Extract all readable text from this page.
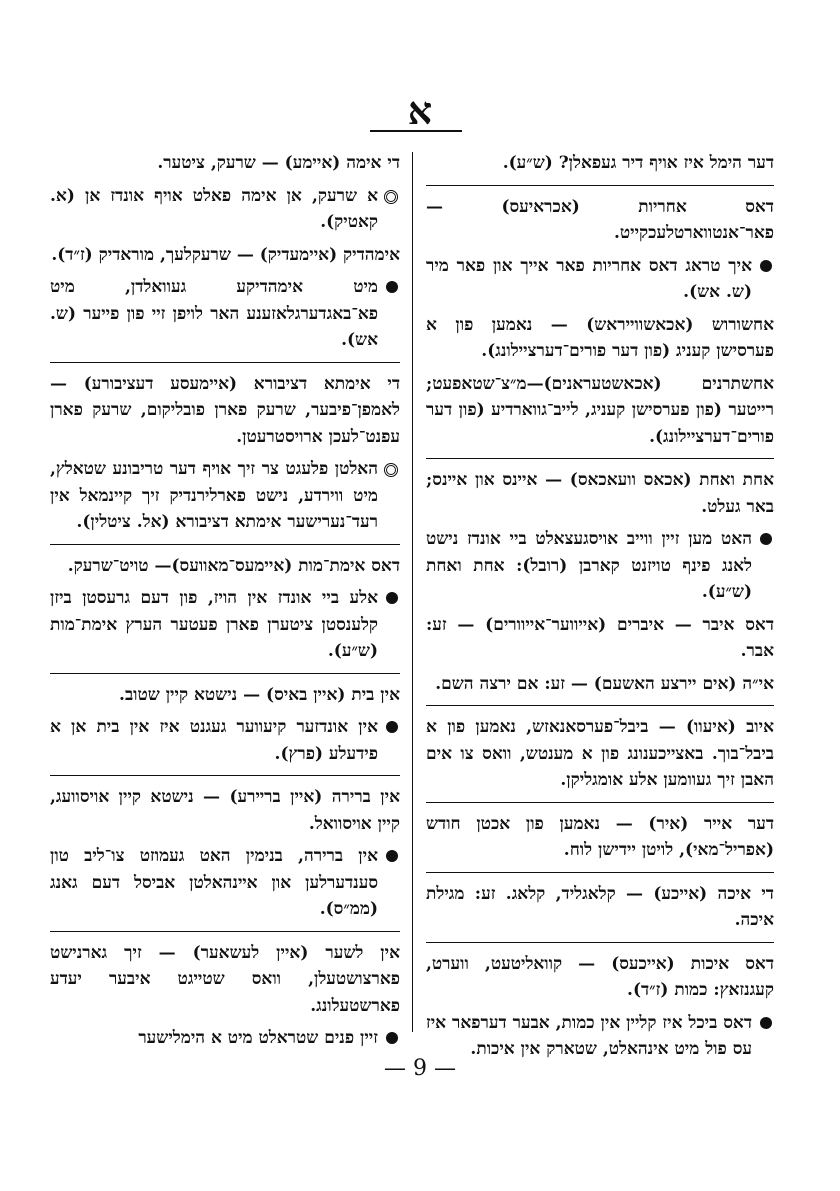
א
דער הימל איז אויף דיר געפאלן? (ש״ע).
דאס אחריות (אכראיעס) — פאר־אנטווארטלעכקייט.
איך טראג דאס אחריות פאר אייך און פאר מיר (ש. אש).
אחשורוש (אכאשווייראש) — נאמען פון א פערסישן קעניג (פון דער פורים־דערציילונג).
אחשתרנים (אכאשטעראנים)—מ״צ־שטאפעט; רייטער (פון פערסישן קעניג, לייב־גווארדיע (פון דער פורים־דערציילונג).
אחת ואחת (אכאס וועאכאס) — איינס און איינס; באר געלט.
האט מען זיין ווייב אויסגעצאלט ביי אונדז נישט לאנג פינף טויזנט קארבן (רובל): אחת ואחת (ש״ע).
דאס איבר — איברים (אייווער־אייוורים) — זע: אבר.
אי״ה (אים יירצע האשעם) — זע: אם ירצה השם.
איוב (איעוו) — ביבל־פערסאנאזש, נאמען פון א ביבל־בוך. באצייכענונג פון א מענטש, וואס צו אים האבן זיך געוומען אלע אומגליקן.
דער אייר (איר) — נאמען פון אכטן חודש (אפריל־מאי), לויטן יידישן לוח.
די איכה (אייכע) — קלאגליד, קלאג. זע: מגילת איכה.
דאס איכות (אייכעס) — קוואליטעט, ווערט, קעגנזאץ: כמות (ז״ד).
דאס ביכל איז קליין אין כמות, אבער דערפאר איז עס פול מיט אינהאלט, שטארק אין איכות.
די אימה (איימע) — שרעק, ציטער.
א שרעק, אן אימה פאלט אויף אונדז אן (א. קאטיק).
אימהדיק (איימעדיק) — שרעקלעך, מוראדיק (ז״ד).
מיט אימהדיקע געוואלדן, מיט פא־באגדערגלאזענע האר לויפן זיי פון פייער (ש. אש).
די אימתא דציבורא (איימעסע דעציבורע) — לאמפן־פיבער, שרעק פארן פובליקום, שרעק פארן עפנט־לעכן ארויסטרעטן.
האלטן פלעגט צר זיך אויף דער טריבונע שטאלץ, מיט ווירדע, נישט פארלירנדיק זיך קיינמאל אין רעד־נערישער אימתא דציבורא (אל. ציטלין).
דאס אימת־מות (איימעס־מאוועס)— טויט־שרעק.
אלע ביי אונדז אין הויז, פון דעם גרעסטן ביזן קלענסטן ציטערן פארן פעטער הערץ אימת־מות (ש״ע).
אין בית (איין באיס) — נישטא קיין שטוב.
אין אונדזער קיעווער געגנט איז אין בית אן א פידעלע (פרץ).
אין ברירה (איין ברײרע) — נישטא קיין אויסוועג, קיין אויסוואל.
אין ברירה, בנימין האט געמוזט צו־ליב טון סענדערלען און אײנהאלטן אביסל דעם גאנג (ממ״ס).
אין לשער (איין לעשאער) — זיך גארנישט פארצושטעלן, וואס שטייגט איבער יעדע פארשטעלונג.
זיין פנים שטראלט מיט א הימלישער
— 9 —
